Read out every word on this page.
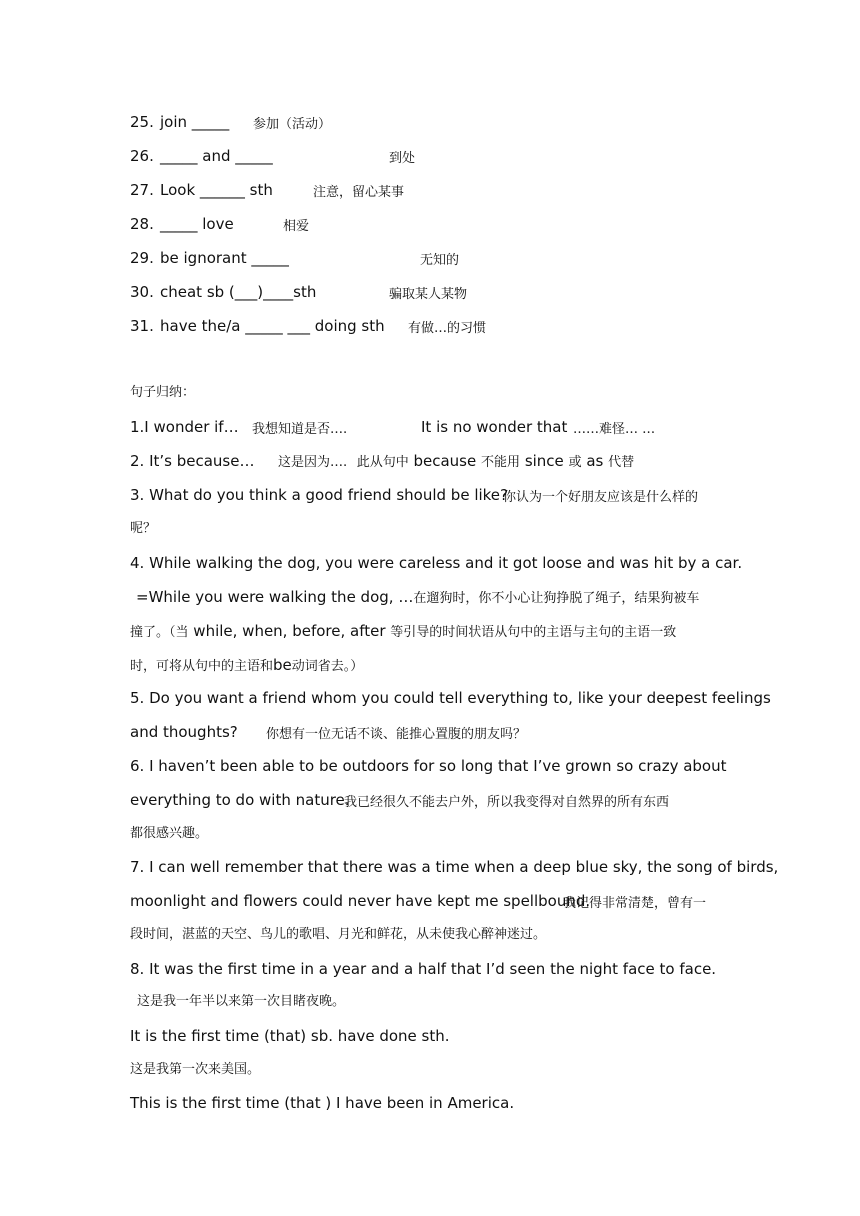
25. join _____ 参加（活动）
26. _____ and _____	到处
27. Look ______ sth	注意，留心某事
28. _____ love	相爱
29. be ignorant _____	无知的
30. cheat sb (___)____sth	骗取某人某物
31. have the/a _____ ___ doing sth 有做…的习惯
句子归纳：
1.I wonder if… 我想知道是否….	It is no wonder that ……难怪… …
2. It’s because… 这是因为…. 此从句中 because 不能用 since 或 as 代替
3. What do you think a good friend should be like?
你认为一个好朋友应该是什么样的
呢？
4. While walking the dog, you were careless and it got loose and was hit by a car.
=While you were walking the dog, …在遛狗时，你不小心让狗挣脱了绳子，结果狗被车
撞了。（当 while, when, before, after 等引导的时间状语从句中的主语与主句的主语一致
时，可将从句中的主语和be动词省去。）
5. Do you want a friend whom you could tell everything to, like your deepest feelings
and thoughts? 你想有一位无话不谈、能推心置腹的朋友吗？
6. I haven’t been able to be outdoors for so long that I’ve grown so crazy about
everything to do with nature.
我已经很久不能去户外，所以我变得对自然界的所有东西
都很感兴趣。
7. I can well remember that there was a time when a deep blue sky, the song of birds,
moonlight and flowers could never have kept me spellbound.
我记得非常清楚，曾有一
段时间，湛蓝的天空、鸟儿的歌唱、月光和鲜花，从未使我心醉神迷过。
8. It was the first time in a year and a half that I’d seen the night face to face.
这是我一年半以来第一次目睹夜晚。
It is the first time (that) sb. have done sth.
这是我第一次来美国。
This is the first time (that ) I have been in America.
